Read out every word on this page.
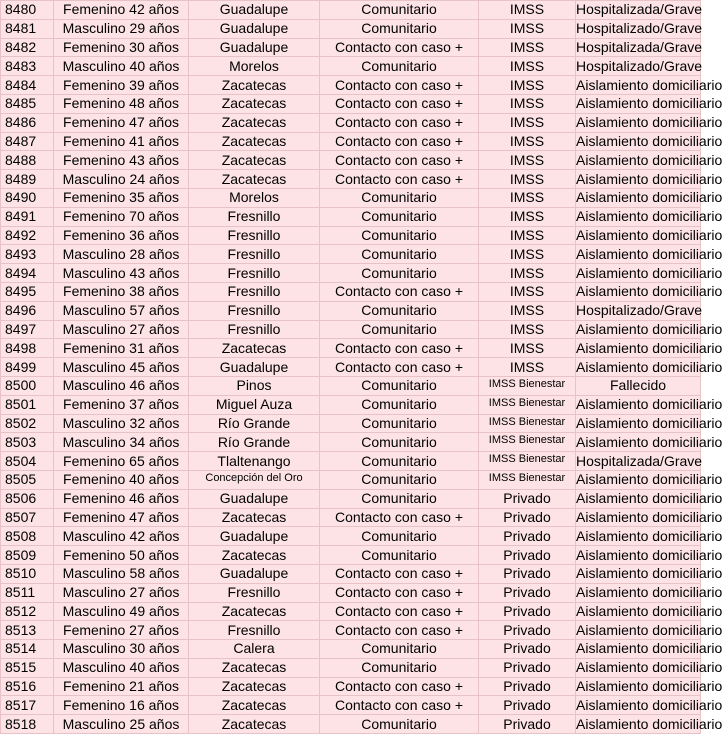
8480	Femenino 42 años	Guadalupe	Comunitario	IMSS	Hospitalizada/Grave
8481	Masculino 29 años	Guadalupe	Comunitario	IMSS	Hospitalizado/Grave
8482	Femenino 30 años	Guadalupe	Contacto con caso +	IMSS	Hospitalizada/Grave
8483	Masculino 40 años	Morelos	Comunitario	IMSS	Hospitalizado/Grave
8484	Femenino 39 años	Zacatecas	Contacto con caso +	IMSS	Aislamiento domiciliario
8485	Femenino 48 años	Zacatecas	Contacto con caso +	IMSS	Aislamiento domiciliario
8486	Femenino 47 años	Zacatecas	Contacto con caso +	IMSS	Aislamiento domiciliario
8487	Femenino 41 años	Zacatecas	Contacto con caso +	IMSS	Aislamiento domiciliario
8488	Femenino 43 años	Zacatecas	Contacto con caso +	IMSS	Aislamiento domiciliario
8489	Masculino 24 años	Zacatecas	Contacto con caso +	IMSS	Aislamiento domiciliario
8490	Femenino 35 años	Morelos	Comunitario	IMSS	Aislamiento domiciliario
8491	Femenino 70 años	Fresnillo	Comunitario	IMSS	Aislamiento domiciliario
8492	Femenino 36 años	Fresnillo	Comunitario	IMSS	Aislamiento domiciliario
8493	Masculino 28 años	Fresnillo	Comunitario	IMSS	Aislamiento domiciliario
8494	Masculino 43 años	Fresnillo	Comunitario	IMSS	Aislamiento domiciliario
8495	Femenino 38 años	Fresnillo	Contacto con caso +	IMSS	Aislamiento domiciliario
8496	Masculino 57 años	Fresnillo	Comunitario	IMSS	Hospitalizado/Grave
8497	Masculino 27 años	Fresnillo	Comunitario	IMSS	Aislamiento domiciliario
8498	Femenino 31 años	Zacatecas	Contacto con caso +	IMSS	Aislamiento domiciliario
8499	Masculino 45 años	Guadalupe	Contacto con caso +	IMSS	Aislamiento domiciliario
8500	Masculino 46 años	Pinos	Comunitario	IMSS Bienestar	Fallecido
8501	Femenino 37 años	Miguel Auza	Comunitario	IMSS Bienestar	Aislamiento domiciliario
8502	Masculino 32 años	Río Grande	Comunitario	IMSS Bienestar	Aislamiento domiciliario
8503	Masculino 34 años	Río Grande	Comunitario	IMSS Bienestar	Aislamiento domiciliario
8504	Femenino 65 años	Tlaltenango	Comunitario	IMSS Bienestar	Hospitalizada/Grave
8505	Femenino 40 años	Concepción del Oro	Comunitario	IMSS Bienestar	Aislamiento domiciliario
8506	Femenino 46 años	Guadalupe	Comunitario	Privado	Aislamiento domiciliario
8507	Femenino 47 años	Zacatecas	Contacto con caso +	Privado	Aislamiento domiciliario
8508	Masculino 42 años	Guadalupe	Comunitario	Privado	Aislamiento domiciliario
8509	Femenino 50 años	Zacatecas	Comunitario	Privado	Aislamiento domiciliario
8510	Masculino 58 años	Guadalupe	Contacto con caso +	Privado	Aislamiento domiciliario
8511	Masculino 27 años	Fresnillo	Contacto con caso +	Privado	Aislamiento domiciliario
8512	Masculino 49 años	Zacatecas	Contacto con caso +	Privado	Aislamiento domiciliario
8513	Femenino 27 años	Fresnillo	Contacto con caso +	Privado	Aislamiento domiciliario
8514	Masculino 30 años	Calera	Comunitario	Privado	Aislamiento domiciliario
8515	Masculino 40 años	Zacatecas	Comunitario	Privado	Aislamiento domiciliario
8516	Femenino 21 años	Zacatecas	Contacto con caso +	Privado	Aislamiento domiciliario
8517	Femenino 16 años	Zacatecas	Contacto con caso +	Privado	Aislamiento domiciliario
8518	Masculino 25 años	Zacatecas	Comunitario	Privado	Aislamiento domiciliario
